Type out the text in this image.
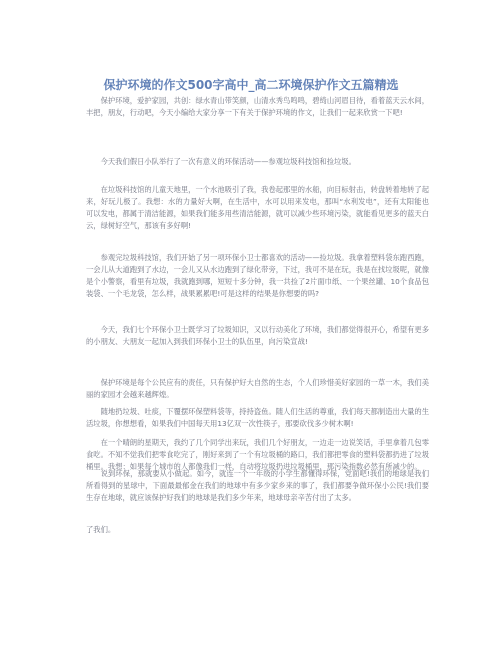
保护环境的作文500字高中_高二环境保护作文五篇精选
保护环境，爱护家园，共创：绿水青山带笑颜，山清水秀鸟鸣鸣，碧绮山河眉目待，看着蓝天云水间，丰把，朋友，行动吧，今天小编给大家分享一下有关于保护环境的作文，让我们一起来欣赏一下吧!
今天我们假日小队举行了一次有意义的环保活动——参观垃圾科技馆和捡垃圾。
在垃圾科技馆的儿童天地里，一个水池吸引了我，我卷起那里的水船，向目标射击，转盘转着地转了起来，好玩儿极了。我想：水的力量好大啊，在生活中，水可以用来发电，那叫“水利发电”，还有太阳能也可以发电，都属于清洁能源，如果我们能多用些清洁能源，就可以减少些环境污染，就能看见更多的蓝天白云，绿树好空气，那该有多好啊!
参观完垃圾科技馆，我们开始了另一项环保小卫士都喜欢的活动——捡垃圾。我拿着塑料袋东跑西跑，一会儿从大道跑到了水边，一会儿又从水边跑到了绿化带旁，下过，我可不是在玩，我是在找垃圾呢，就像是个小警察，看里有垃圾，我就跑到哪，短短十多分钟，我一共捡了2片面巾纸、一个果丝罐、10个食品包装袋、一个毛龙袋，怎么样，战果累累吧!可是这样的结果是你想要的吗?
今天，我们七个环保小卫士既学习了垃圾知识，又以行动美化了环境，我们都觉得很开心，希望有更多的小朋友、大朋友一起加入到我们环保小卫士的队伍里，向污染宣战!
保护环境是每个公民应有的责任，只有保护好大自然的生态，个人们珍惜美好家园的一草一木，我们美丽的家园才会越来越辉煌。
随地扔垃圾、吐痰，下覆摆环保塑料袋等，持持盗鱼。随人们生活的尊重，我们每天都制造出大量的生活垃圾，你想想看，如果我们中国每天用13亿双一次性筷子，那要砍伐多少树木啊!
在一个晴朗的星期天，我约了几个同学出来玩，我们几个好朋友，一边走一边说笑话，手里拿着几包零食吃。不知不觉我们把零食吃完了，刚好来到了一个有垃圾桶的路口，我们都把零食的塑料袋都扔进了垃圾桶里。我想：如果每个城市的人都像我们一样，自动将垃圾扔进垃圾桶里，那污染指数必然有所减少的。
说到环保，那就要从小做起。如今，就连一个一年级的小学生都懂得环保，党面吧!我们的地球是我们所看得到的星球中，下面最最郁金在我们的地球中有多少家乡来的事了，我们都要争做环保小公民!我们要生存在地球，就应该保护好我们的地球是我们多少年来，地球母亲辛苦付出了太多。
了我们。
